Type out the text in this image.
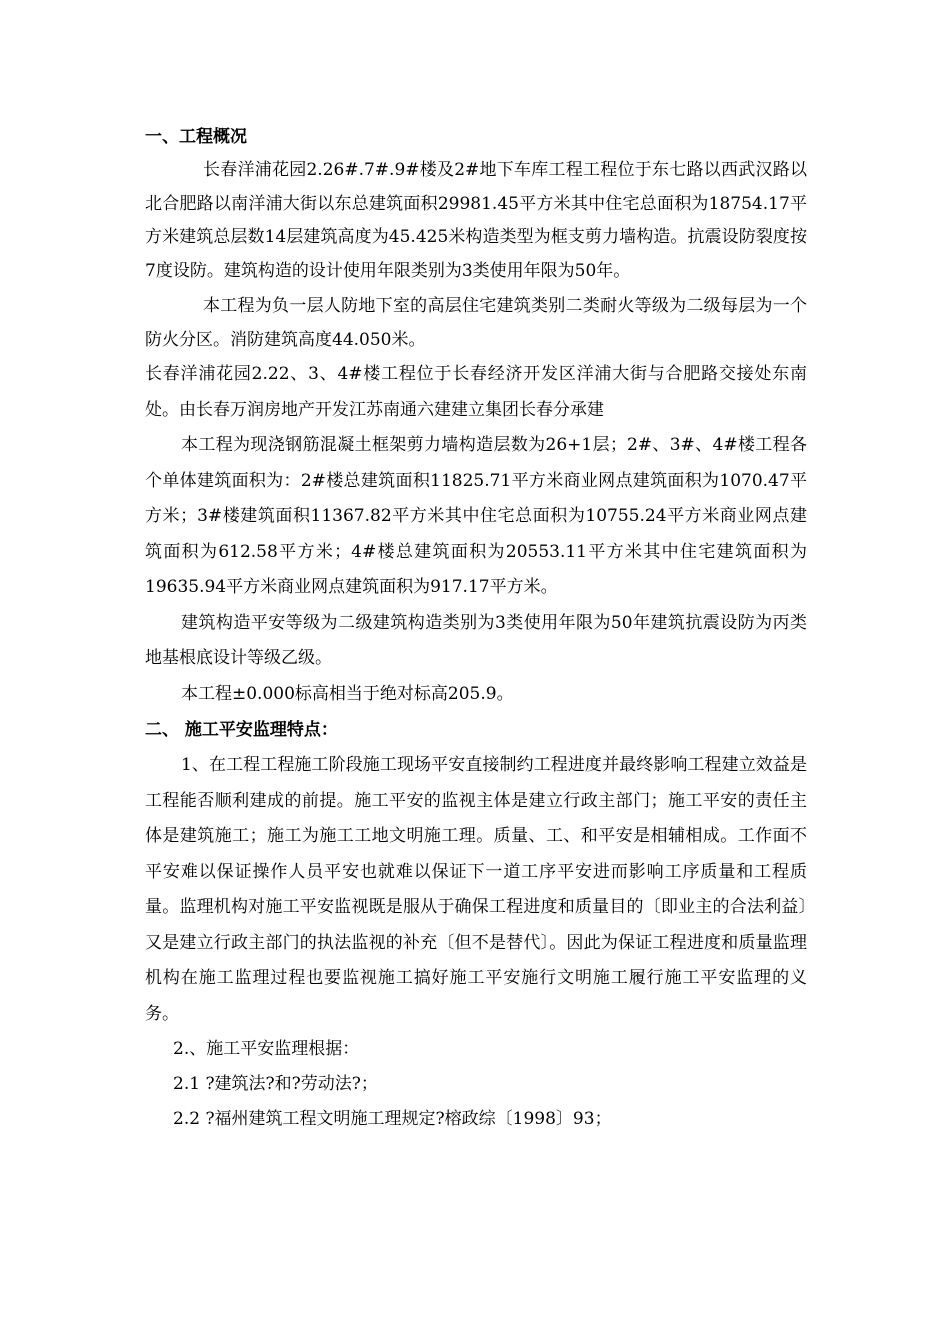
一、工程概况

长春洋浦花园2.26#.7#.9#楼及2#地下车库工程工程位于东七路以西武汉路以北合肥路以南洋浦大街以东总建筑面积29981.45平方米其中住宅总面积为18754.17平方米建筑总层数14层建筑高度为45.425米构造类型为框支剪力墙构造。抗震设防裂度按7度设防。建筑构造的设计使用年限类别为3类使用年限为50年。

本工程为负一层人防地下室的高层住宅建筑类别二类耐火等级为二级每层为一个防火分区。消防建筑高度44.050米。

长春洋浦花园2.22、3、4#楼工程位于长春经济开发区洋浦大街与合肥路交接处东南处。由长春万润房地产开发江苏南通六建建立集团长春分承建

本工程为现浇钢筋混凝土框架剪力墙构造层数为26+1层；2#、3#、4#楼工程各个单体建筑面积为：2#楼总建筑面积11825.71平方米商业网点建筑面积为1070.47平方米；3#楼建筑面积11367.82平方米其中住宅总面积为10755.24平方米商业网点建筑面积为612.58平方米；4#楼总建筑面积为20553.11平方米其中住宅建筑面积为19635.94平方米商业网点建筑面积为917.17平方米。

建筑构造平安等级为二级建筑构造类别为3类使用年限为50年建筑抗震设防为丙类地基根底设计等级乙级。

本工程±0.000标高相当于绝对标高205.9。

二、 施工平安监理特点：

1、在工程工程施工阶段施工现场平安直接制约工程进度并最终影响工程建立效益是工程能否顺利建成的前提。施工平安的监视主体是建立行政主部门；施工平安的责任主体是建筑施工；施工为施工工地文明施工理。质量、工、和平安是相辅相成。工作面不平安难以保证操作人员平安也就难以保证下一道工序平安进而影响工序质量和工程质量。监理机构对施工平安监视既是服从于确保工程进度和质量目的〔即业主的合法利益〕又是建立行政主部门的执法监视的补充〔但不是替代〕。因此为保证工程进度和质量监理机构在施工监理过程也要监视施工搞好施工平安施行文明施工履行施工平安监理的义务。

2.、施工平安监理根据：
2.1 ?建筑法?和?劳动法?；
2.2 ?福州建筑工程文明施工理规定?榕政综〔1998〕93；
